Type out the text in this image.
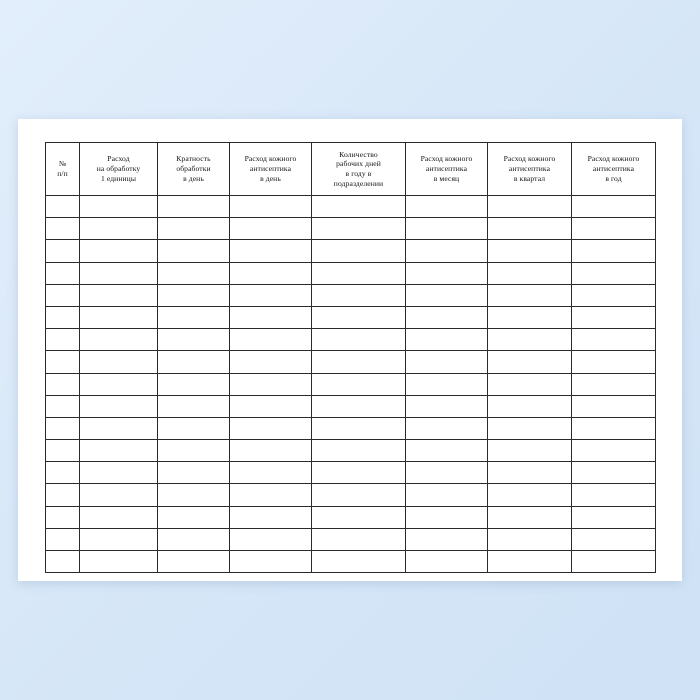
№
п/п	Расход
на обработку
1 единицы	Кратность
обработки
в день	Расход кожного
антисептика
в день	Количество
рабочих дней
в году в
подразделении	Расход кожного
антисептика
в месяц	Расход кожного
антисептика
в квартал	Расход кожного
антисептика
в год
